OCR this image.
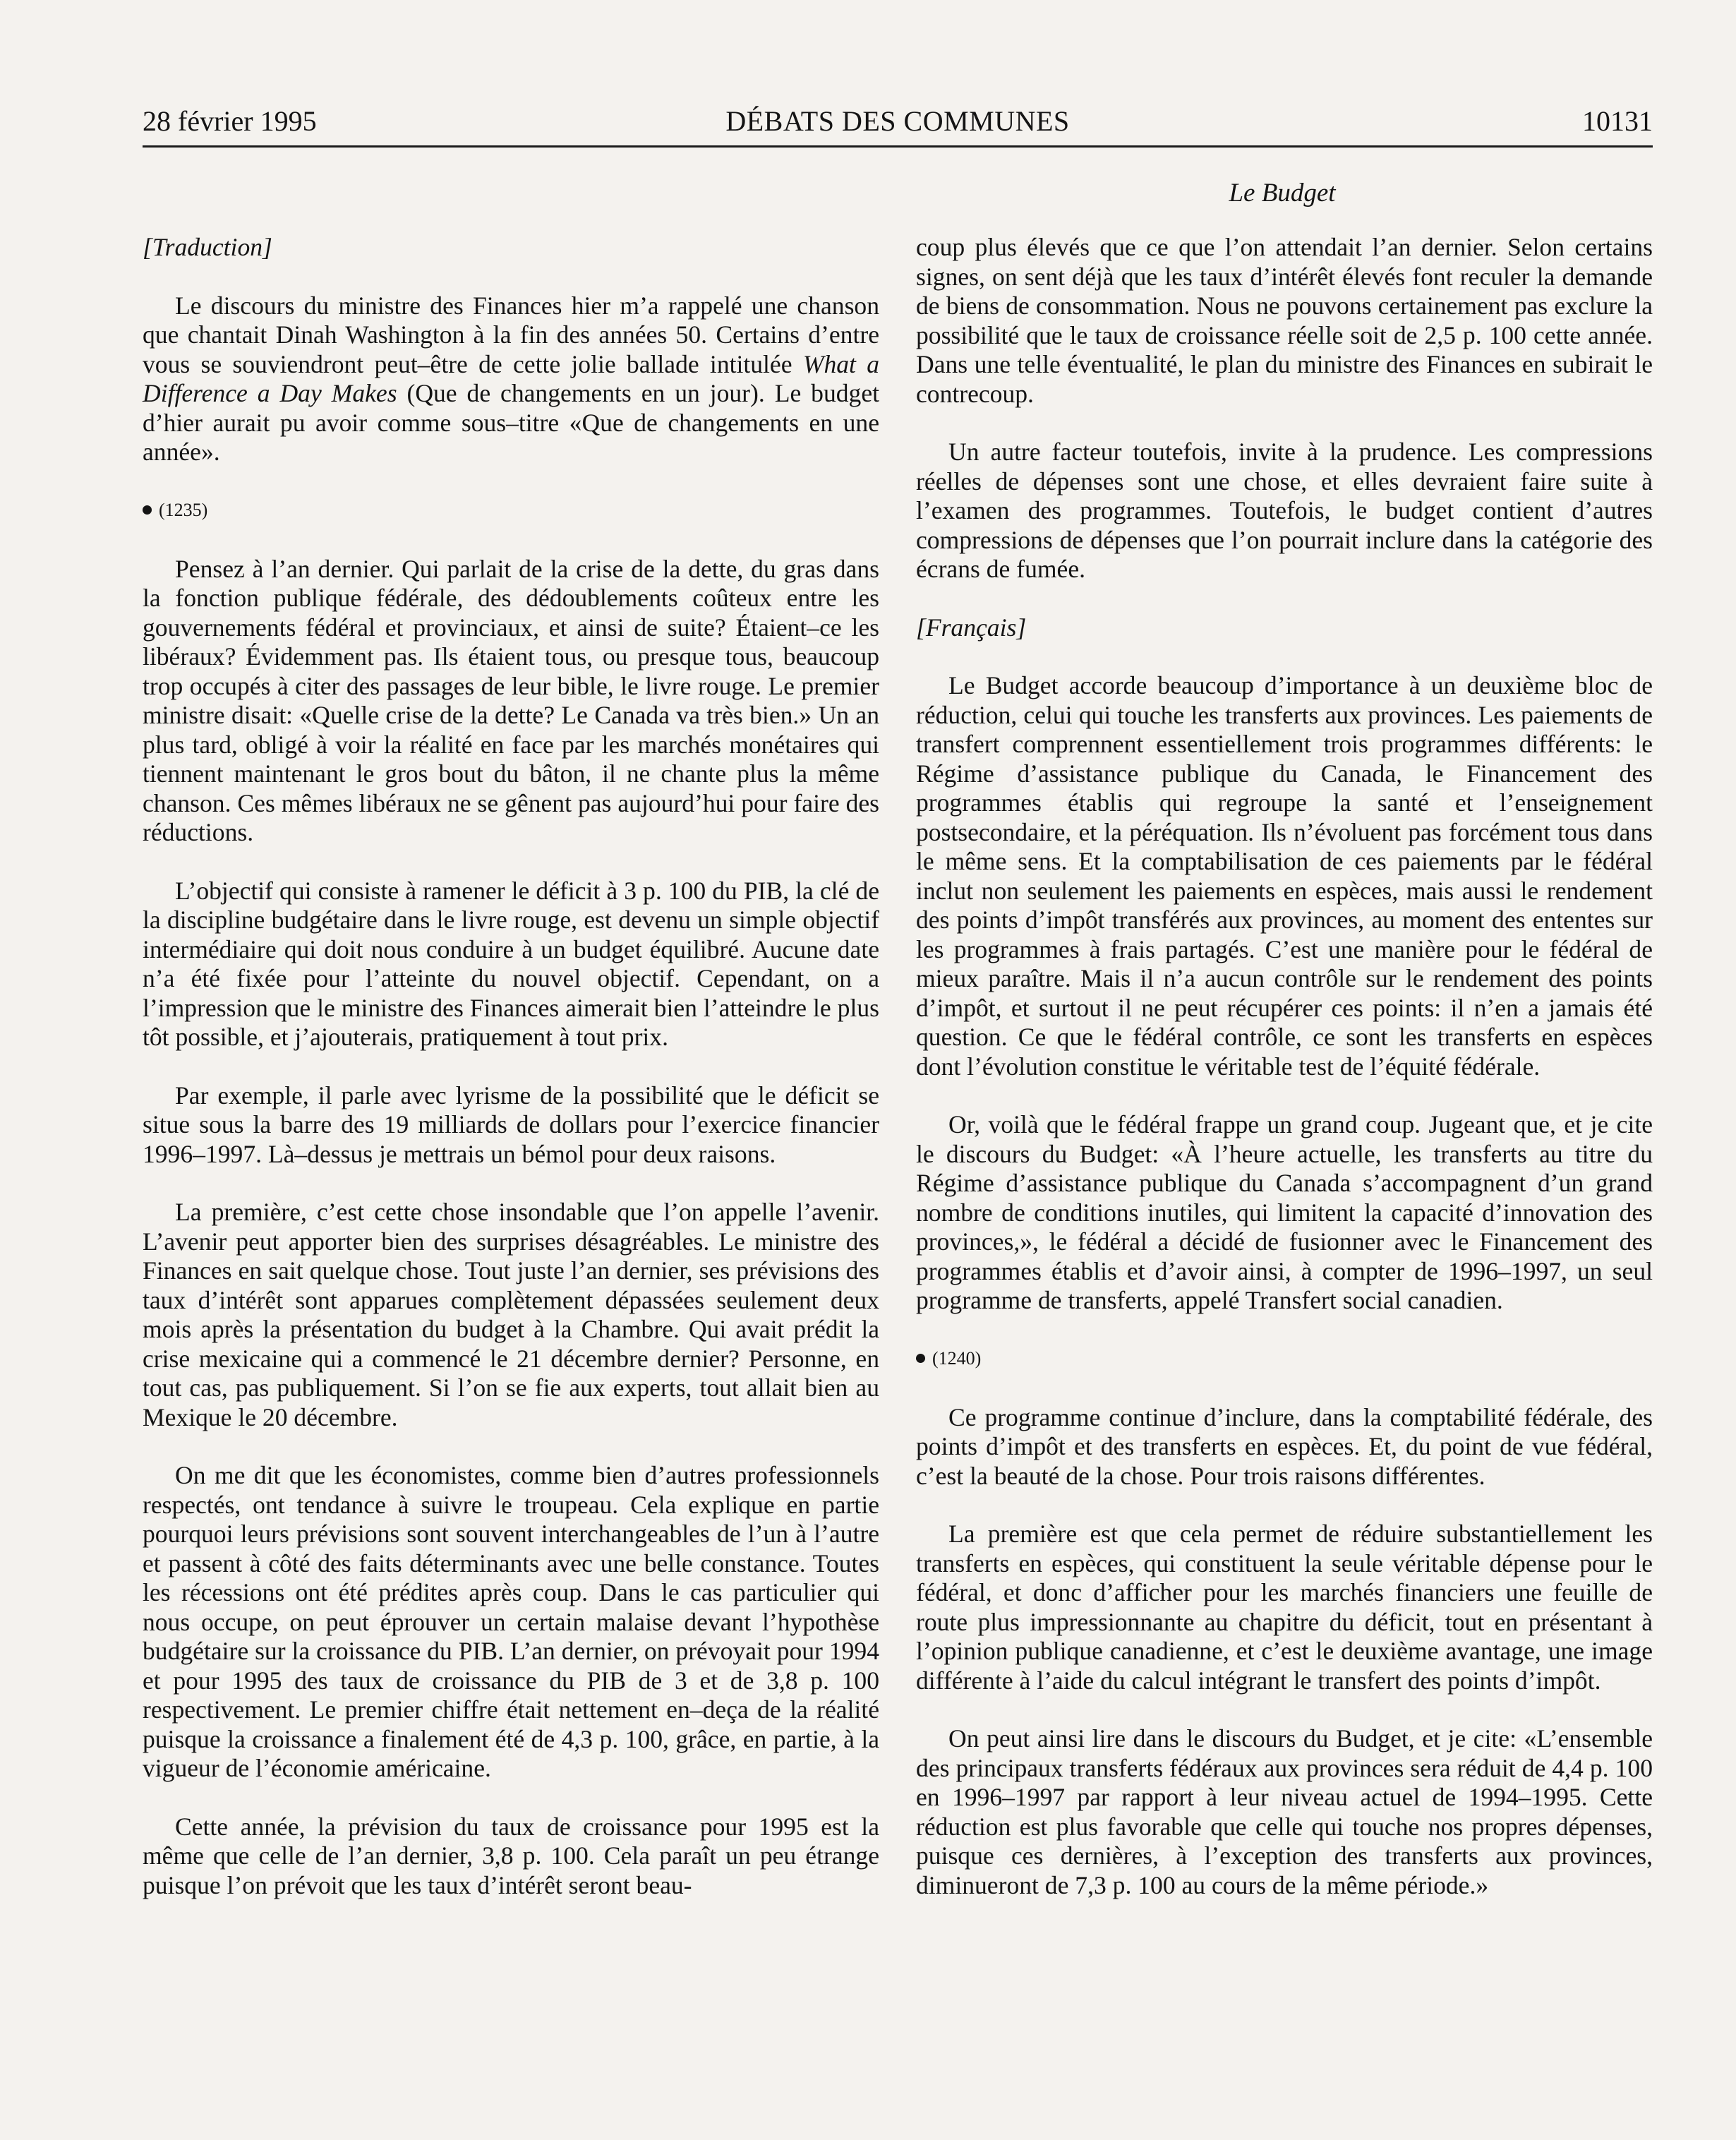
28 février 1995	DÉBATS DES COMMUNES	10131
Le Budget
[Traduction]

Le discours du ministre des Finances hier m’a rappelé une chanson que chantait Dinah Washington à la fin des années 50. Certains d’entre vous se souviendront peut–être de cette jolie ballade intitulée What a Difference a Day Makes (Que de changements en un jour). Le budget d’hier aurait pu avoir comme sous–titre «Que de changements en une année».

(1235)

Pensez à l’an dernier. Qui parlait de la crise de la dette, du gras dans la fonction publique fédérale, des dédoublements coûteux entre les gouvernements fédéral et provinciaux, et ainsi de suite? Étaient–ce les libéraux? Évidemment pas. Ils étaient tous, ou presque tous, beaucoup trop occupés à citer des passages de leur bible, le livre rouge. Le premier ministre disait: «Quelle crise de la dette? Le Canada va très bien.» Un an plus tard, obligé à voir la réalité en face par les marchés monétaires qui tiennent maintenant le gros bout du bâton, il ne chante plus la même chanson. Ces mêmes libéraux ne se gênent pas aujourd’hui pour faire des réductions.

L’objectif qui consiste à ramener le déficit à 3 p. 100 du PIB, la clé de la discipline budgétaire dans le livre rouge, est devenu un simple objectif intermédiaire qui doit nous conduire à un budget équilibré. Aucune date n’a été fixée pour l’atteinte du nouvel objectif. Cependant, on a l’impression que le ministre des Finances aimerait bien l’atteindre le plus tôt possible, et j’ajouterais, pratiquement à tout prix.

Par exemple, il parle avec lyrisme de la possibilité que le déficit se situe sous la barre des 19 milliards de dollars pour l’exercice financier 1996–1997. Là–dessus je mettrais un bémol pour deux raisons.

La première, c’est cette chose insondable que l’on appelle l’avenir. L’avenir peut apporter bien des surprises désagréables. Le ministre des Finances en sait quelque chose. Tout juste l’an dernier, ses prévisions des taux d’intérêt sont apparues complètement dépassées seulement deux mois après la présentation du budget à la Chambre. Qui avait prédit la crise mexicaine qui a commencé le 21 décembre dernier? Personne, en tout cas, pas publiquement. Si l’on se fie aux experts, tout allait bien au Mexique le 20 décembre.

On me dit que les économistes, comme bien d’autres professionnels respectés, ont tendance à suivre le troupeau. Cela explique en partie pourquoi leurs prévisions sont souvent interchangeables de l’un à l’autre et passent à côté des faits déterminants avec une belle constance. Toutes les récessions ont été prédites après coup. Dans le cas particulier qui nous occupe, on peut éprouver un certain malaise devant l’hypothèse budgétaire sur la croissance du PIB. L’an dernier, on prévoyait pour 1994 et pour 1995 des taux de croissance du PIB de 3 et de 3,8 p. 100 respectivement. Le premier chiffre était nettement en–deça de la réalité puisque la croissance a finalement été de 4,3 p. 100, grâce, en partie, à la vigueur de l’économie américaine.

Cette année, la prévision du taux de croissance pour 1995 est la même que celle de l’an dernier, 3,8 p. 100. Cela paraît un peu étrange puisque l’on prévoit que les taux d’intérêt seront beau-

coup plus élevés que ce que l’on attendait l’an dernier. Selon certains signes, on sent déjà que les taux d’intérêt élevés font reculer la demande de biens de consommation. Nous ne pouvons certainement pas exclure la possibilité que le taux de croissance réelle soit de 2,5 p. 100 cette année. Dans une telle éventualité, le plan du ministre des Finances en subirait le contrecoup.

Un autre facteur toutefois, invite à la prudence. Les compressions réelles de dépenses sont une chose, et elles devraient faire suite à l’examen des programmes. Toutefois, le budget contient d’autres compressions de dépenses que l’on pourrait inclure dans la catégorie des écrans de fumée.

[Français]

Le Budget accorde beaucoup d’importance à un deuxième bloc de réduction, celui qui touche les transferts aux provinces. Les paiements de transfert comprennent essentiellement trois programmes différents: le Régime d’assistance publique du Canada, le Financement des programmes établis qui regroupe la santé et l’enseignement postsecondaire, et la péréquation. Ils n’évoluent pas forcément tous dans le même sens. Et la comptabilisation de ces paiements par le fédéral inclut non seulement les paiements en espèces, mais aussi le rendement des points d’impôt transférés aux provinces, au moment des ententes sur les programmes à frais partagés. C’est une manière pour le fédéral de mieux paraître. Mais il n’a aucun contrôle sur le rendement des points d’impôt, et surtout il ne peut récupérer ces points: il n’en a jamais été question. Ce que le fédéral contrôle, ce sont les transferts en espèces dont l’évolution constitue le véritable test de l’équité fédérale.

Or, voilà que le fédéral frappe un grand coup. Jugeant que, et je cite le discours du Budget: «À l’heure actuelle, les transferts au titre du Régime d’assistance publique du Canada s’accompagnent d’un grand nombre de conditions inutiles, qui limitent la capacité d’innovation des provinces,», le fédéral a décidé de fusionner avec le Financement des programmes établis et d’avoir ainsi, à compter de 1996–1997, un seul programme de transferts, appelé Transfert social canadien.

(1240)

Ce programme continue d’inclure, dans la comptabilité fédérale, des points d’impôt et des transferts en espèces. Et, du point de vue fédéral, c’est la beauté de la chose. Pour trois raisons différentes.

La première est que cela permet de réduire substantiellement les transferts en espèces, qui constituent la seule véritable dépense pour le fédéral, et donc d’afficher pour les marchés financiers une feuille de route plus impressionnante au chapitre du déficit, tout en présentant à l’opinion publique canadienne, et c’est le deuxième avantage, une image différente à l’aide du calcul intégrant le transfert des points d’impôt.

On peut ainsi lire dans le discours du Budget, et je cite: «L’ensemble des principaux transferts fédéraux aux provinces sera réduit de 4,4 p. 100 en 1996–1997 par rapport à leur niveau actuel de 1994–1995. Cette réduction est plus favorable que celle qui touche nos propres dépenses, puisque ces dernières, à l’exception des transferts aux provinces, diminueront de 7,3 p. 100 au cours de la même période.»
